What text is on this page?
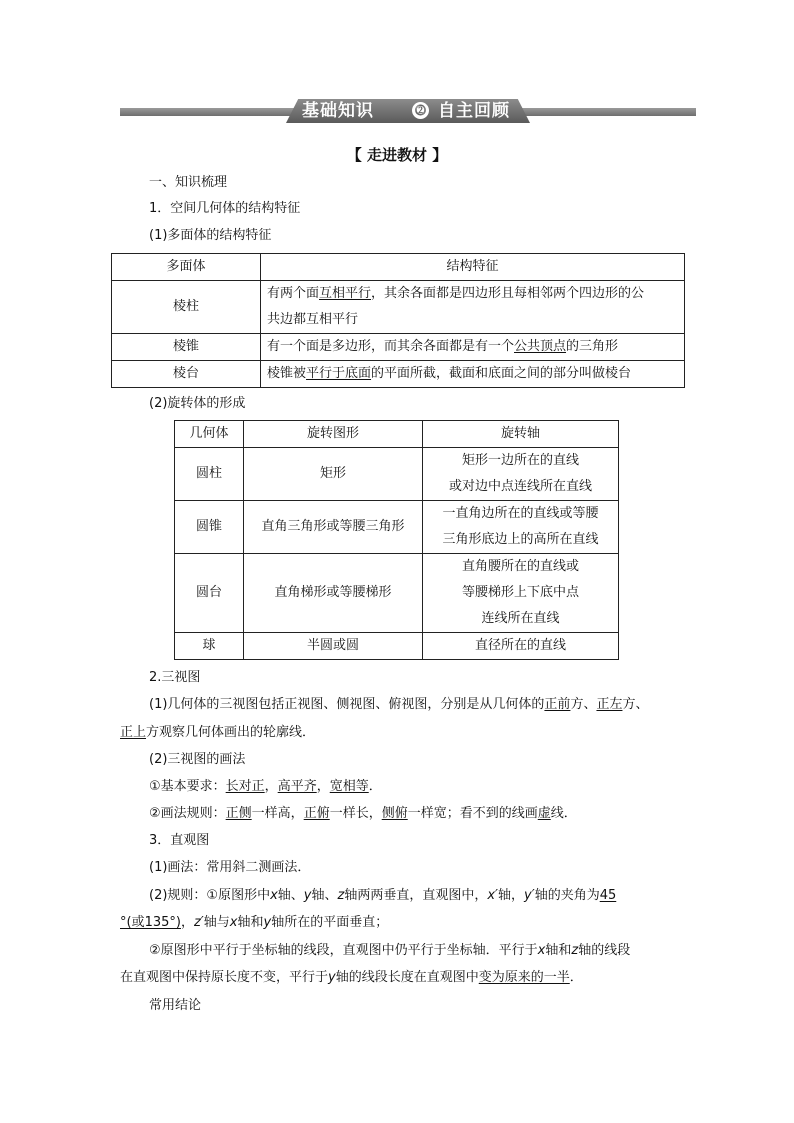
基础知识	⓶ 自主回顾
【 走进教材 】
一、知识梳理
1．空间几何体的结构特征
(1)多面体的结构特征
多面体	结构特征
棱柱	有两个面互相平行，其余各面都是四边形且每相邻两个四边形的公
共边都互相平行
棱锥	有一个面是多边形，而其余各面都是有一个公共顶点的三角形
棱台	棱锥被平行于底面的平面所截，截面和底面之间的部分叫做棱台
(2)旋转体的形成
几何体	旋转图形	旋转轴
圆柱	矩形	矩形一边所在的直线
或对边中点连线所在直线
圆锥	直角三角形或等腰三角形	一直角边所在的直线或等腰
三角形底边上的高所在直线
圆台	直角梯形或等腰梯形	直角腰所在的直线或
等腰梯形上下底中点
连线所在直线
球	半圆或圆	直径所在的直线
2.三视图
(1)几何体的三视图包括正视图、侧视图、俯视图，分别是从几何体的正前方、正左方、
正上方观察几何体画出的轮廓线．
(2)三视图的画法
①基本要求：长对正，高平齐，宽相等．
②画法规则：正侧一样高，正俯一样长，侧俯一样宽；看不到的线画虚线．
3．直观图
(1)画法：常用斜二测画法．
(2)规则：①原图形中x轴、y轴、z轴两两垂直，直观图中，x′轴，y′轴的夹角为45
°(或135°)，z′轴与x轴和y轴所在的平面垂直；
②原图形中平行于坐标轴的线段，直观图中仍平行于坐标轴．平行于x轴和z轴的线段
在直观图中保持原长度不变，平行于y轴的线段长度在直观图中变为原来的一半．
常用结论
